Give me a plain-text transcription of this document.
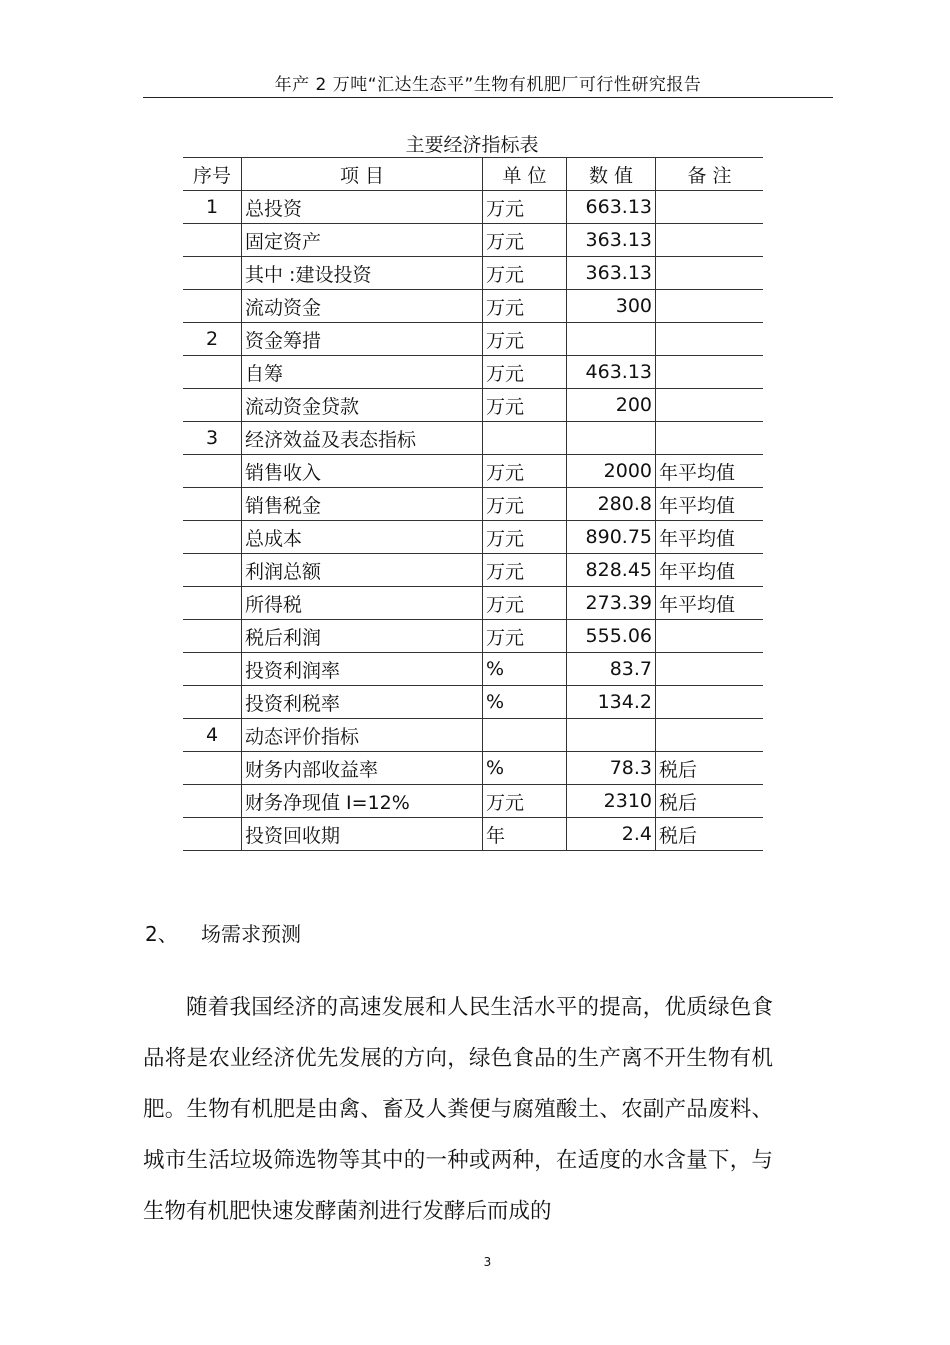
年产 2 万吨“汇达生态平”生物有机肥厂可行性研究报告
主要经济指标表
序号	项 目	单 位	数 值	备 注
1	总投资	万元	663.13	
	固定资产	万元	363.13	
	其中 :建设投资	万元	363.13	
	流动资金	万元	300	
2	资金筹措	万元		
	自筹	万元	463.13	
	流动资金贷款	万元	200	
3	经济效益及表态指标			
	销售收入	万元	2000	年平均值
	销售税金	万元	280.8	年平均值
	总成本	万元	890.75	年平均值
	利润总额	万元	828.45	年平均值
	所得税	万元	273.39	年平均值
	税后利润	万元	555.06	
	投资利润率	%	83.7	
	投资利税率	%	134.2	
4	动态评价指标			
	财务内部收益率	%	78.3	税后
	财务净现值 I=12%	万元	2310	税后
	投资回收期	年	2.4	税后
2、 场需求预测
随着我国经济的高速发展和人民生活水平的提高，优质绿色食品将是农业经济优先发展的方向，绿色食品的生产离不开生物有机肥。生物有机肥是由禽、畜及人粪便与腐殖酸土、农副产品废料、城市生活垃圾筛选物等其中的一种或两种，在适度的水含量下，与生物有机肥快速发酵菌剂进行发酵后而成的
3
